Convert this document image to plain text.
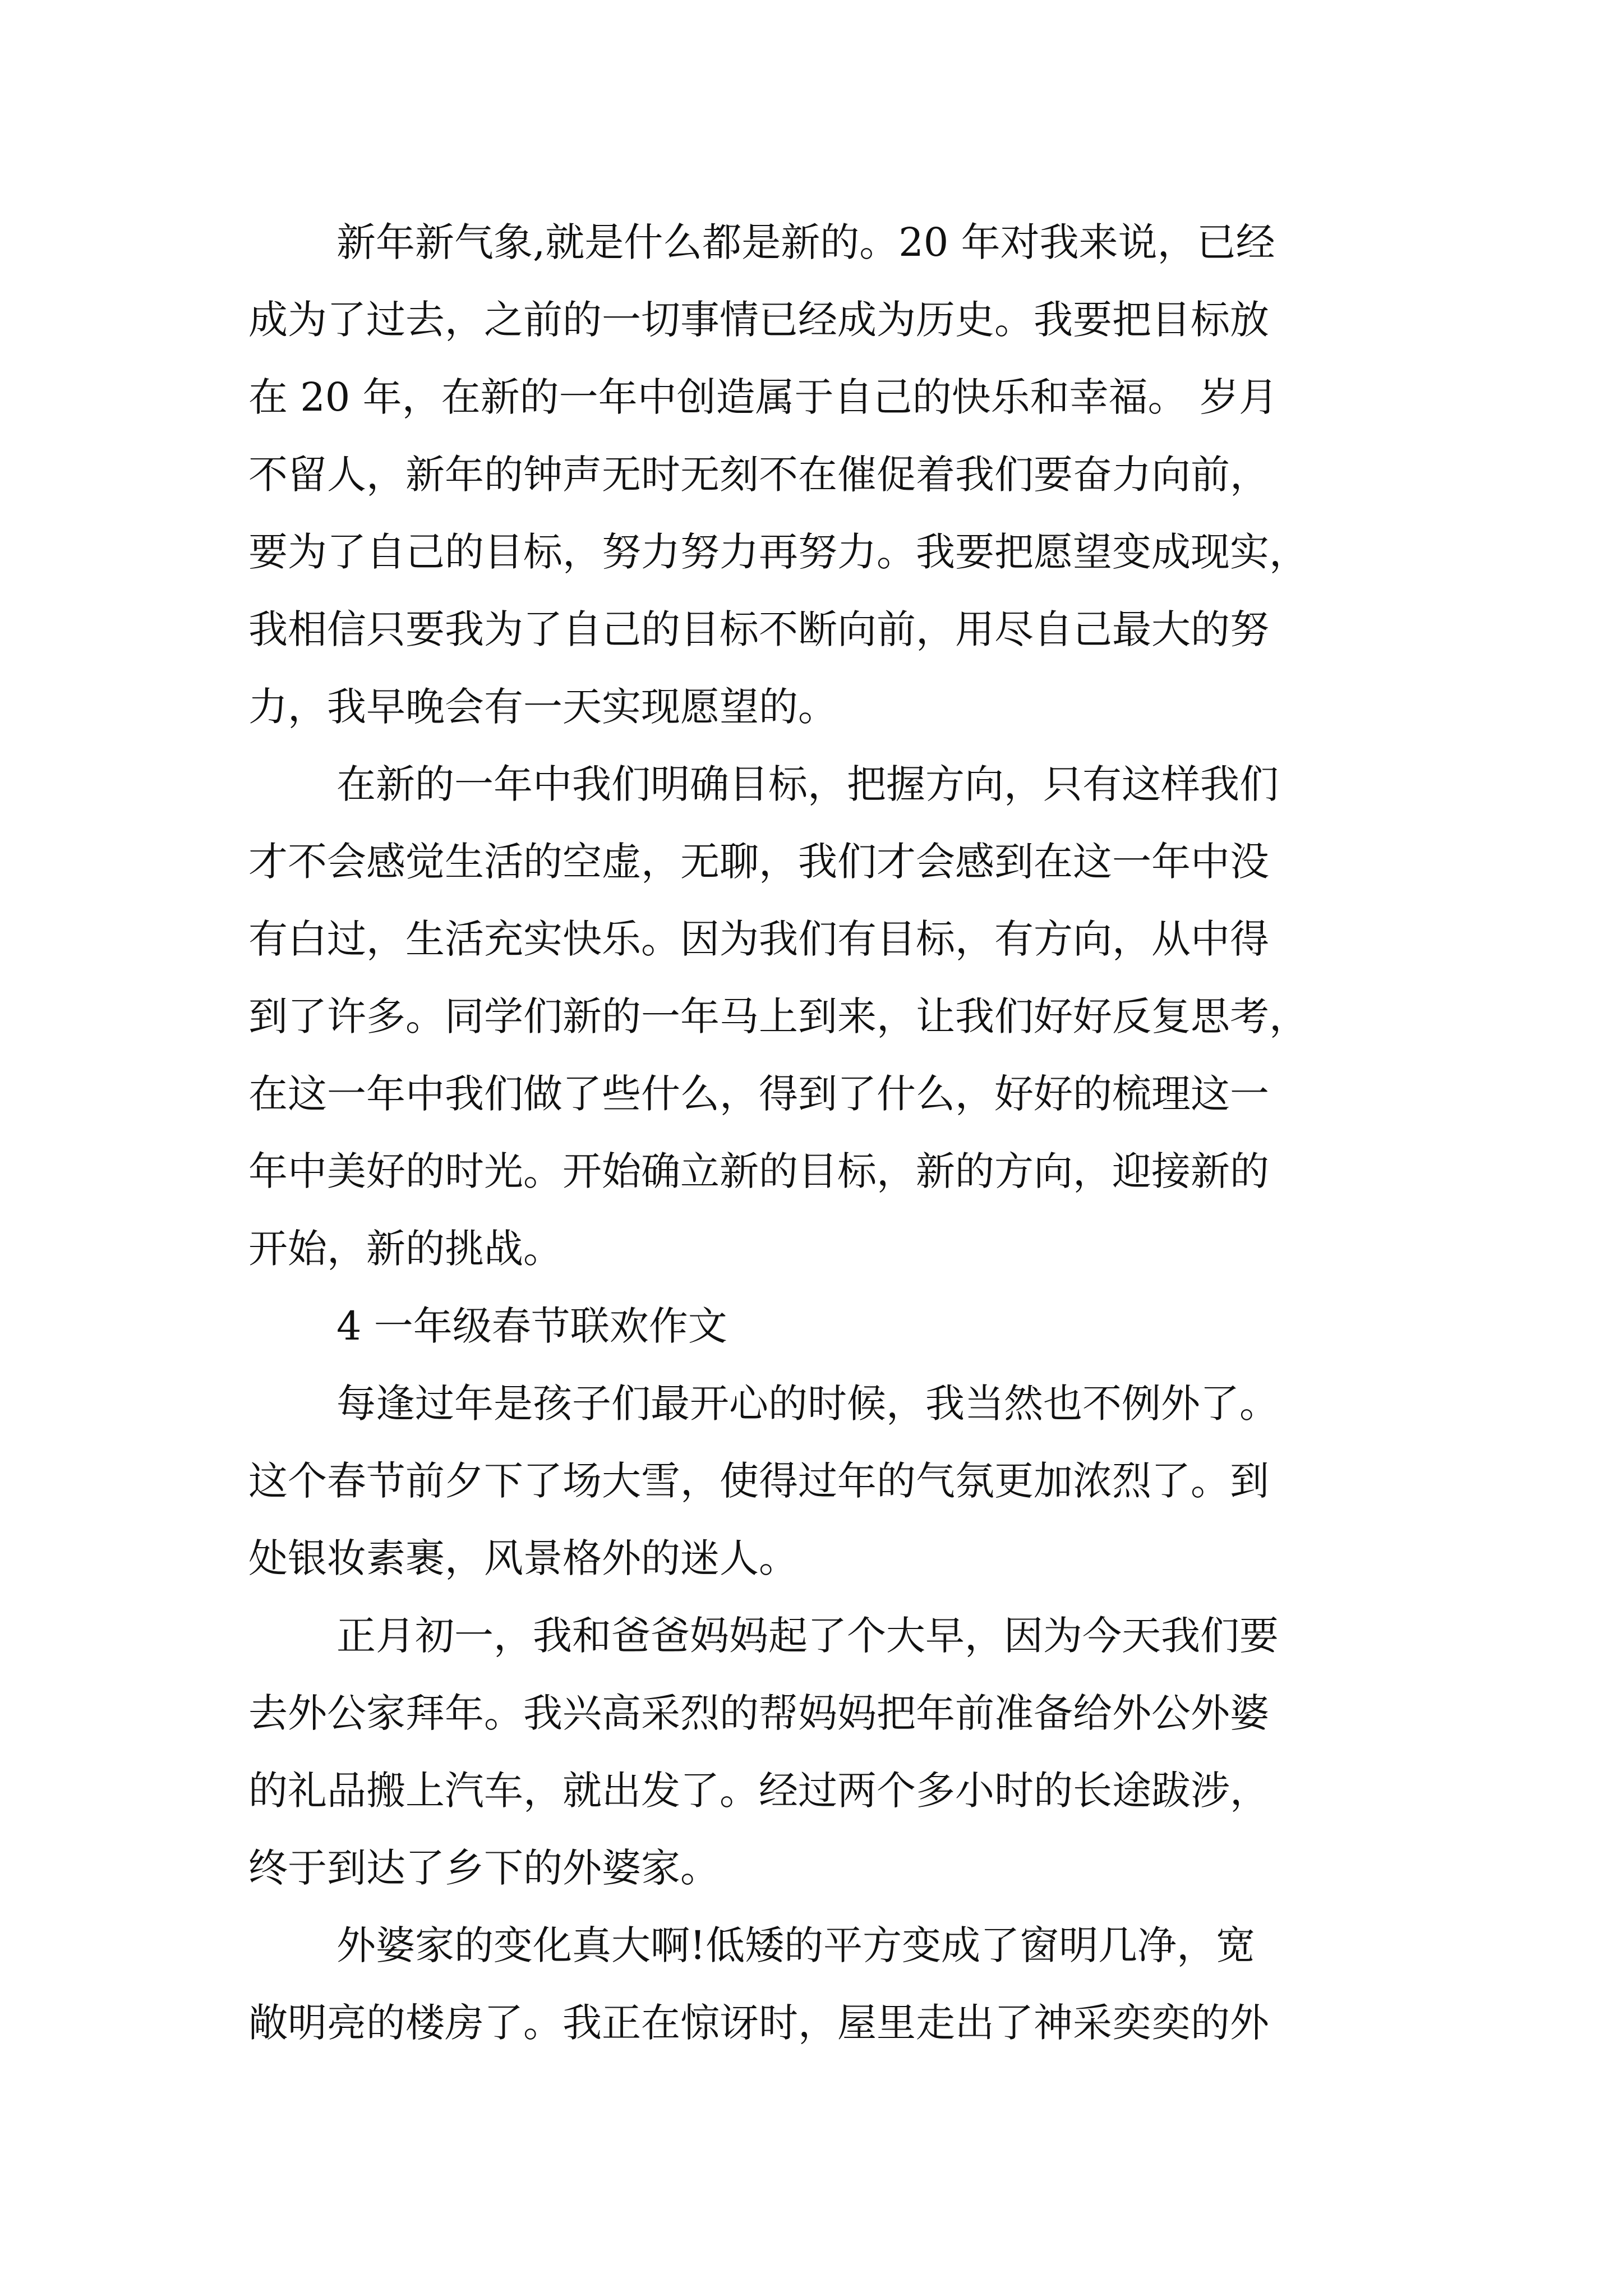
新年新气象,就是什么都是新的。20 年对我来说，已经
成为了过去，之前的一切事情已经成为历史。我要把目标放
在 20 年，在新的一年中创造属于自己的快乐和幸福。 岁月
不留人，新年的钟声无时无刻不在催促着我们要奋力向前，
要为了自己的目标，努力努力再努力。我要把愿望变成现实，
我相信只要我为了自己的目标不断向前，用尽自己最大的努
力，我早晚会有一天实现愿望的。
在新的一年中我们明确目标，把握方向，只有这样我们
才不会感觉生活的空虚，无聊，我们才会感到在这一年中没
有白过，生活充实快乐。因为我们有目标，有方向，从中得
到了许多。同学们新的一年马上到来，让我们好好反复思考，
在这一年中我们做了些什么，得到了什么，好好的梳理这一
年中美好的时光。开始确立新的目标，新的方向，迎接新的
开始，新的挑战。
4 一年级春节联欢作文
每逢过年是孩子们最开心的时候，我当然也不例外了。
这个春节前夕下了场大雪，使得过年的气氛更加浓烈了。到
处银妆素裹，风景格外的迷人。
正月初一，我和爸爸妈妈起了个大早，因为今天我们要
去外公家拜年。我兴高采烈的帮妈妈把年前准备给外公外婆
的礼品搬上汽车，就出发了。经过两个多小时的长途跋涉，
终于到达了乡下的外婆家。
外婆家的变化真大啊!低矮的平方变成了窗明几净，宽
敞明亮的楼房了。我正在惊讶时，屋里走出了神采奕奕的外
